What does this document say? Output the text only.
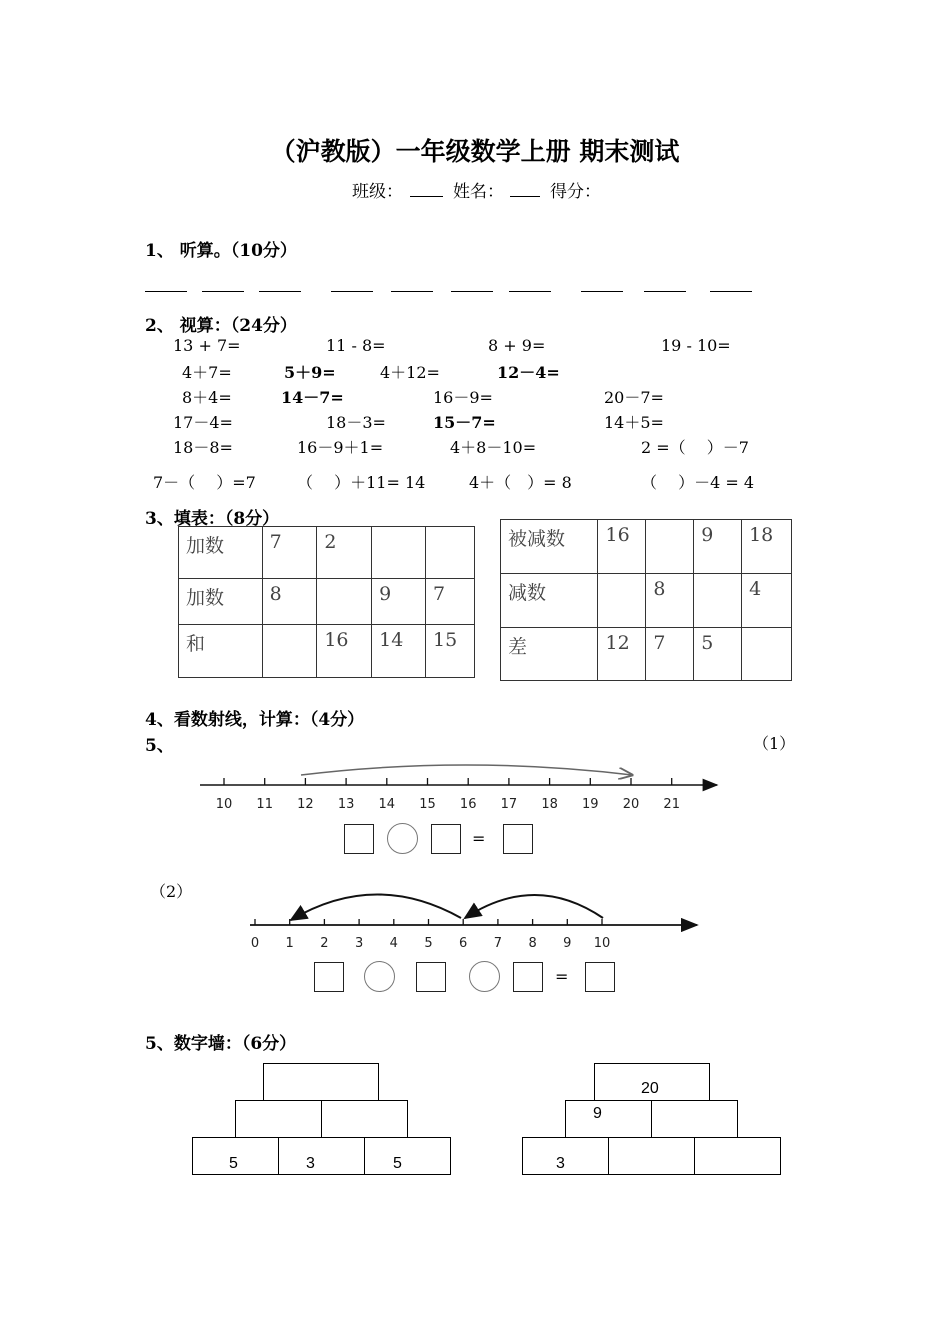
（沪教版）一年级数学上册 期末测试
班级：	姓名：	得分：
1、 听算。（10分）
2、 视算：（24分）
13 + 7=	11 - 8=	8 + 9=	19 - 10=
4＋7=	5＋9=	4＋12=	12－4=
8＋4=	14－7=	16－9=	20－7=
17－4=	18－3=	15－7=	14＋5=
18－8=	16－9＋1=	4＋8－10=	2 =（　 ）－7
7－（　 ）=7	（　 ）＋11= 14	4＋（　）= 8	（　 ）－4 = 4
3、填表：（8分）
加数	7	2		
加数	8		9	7
和		16	14	15
被减数	16		9	18
减数		8		4
差	12	7	5	
4、看数射线，计算：（4分）
5、	（1）
10 11 12 13 14 15 16 17 18 19 20 21
=
（2）
0 1 2 3 4 5 6 7 8 9 10
=
5、数字墙：（6分）
5	3	5
20
9
3
